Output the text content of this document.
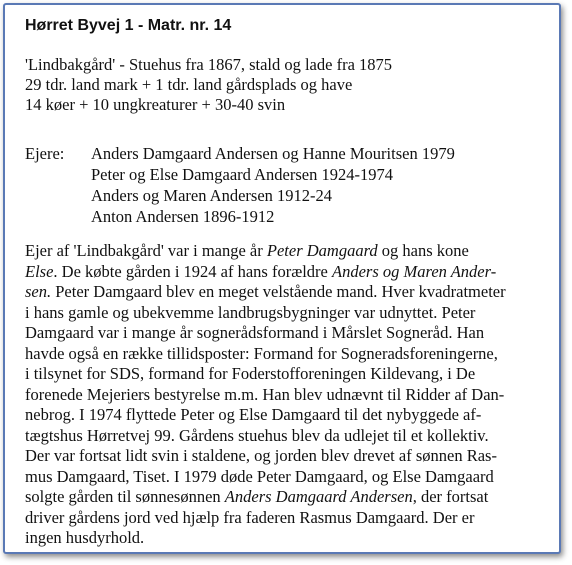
Hørret Byvej 1 - Matr. nr. 14
'Lindbakgård' - Stuehus fra 1867, stald og lade fra 1875
29 tdr. land mark + 1 tdr. land gårdsplads og have
14 køer + 10 ungkreaturer + 30-40 svin
Ejere: Anders Damgaard Andersen og Hanne Mouritsen 1979
Peter og Else Damgaard Andersen 1924-1974
Anders og Maren Andersen 1912-24
Anton Andersen 1896-1912
Ejer af 'Lindbakgård' var i mange år Peter Damgaard og hans kone
Else. De købte gården i 1924 af hans forældre Anders og Maren Ander-
sen. Peter Damgaard blev en meget velstående mand. Hver kvadratmeter
i hans gamle og ubekvemme landbrugsbygninger var udnyttet. Peter
Damgaard var i mange år sognerådsformand i Mårslet Sogneråd. Han
havde også en række tillidsposter: Formand for Sogneradsforeningerne,
i tilsynet for SDS, formand for Foderstofforeningen Kildevang, i De
forenede Mejeriers bestyrelse m.m. Han blev udnævnt til Ridder af Dan-
nebrog. I 1974 flyttede Peter og Else Damgaard til det nybyggede af-
tægtshus Hørretvej 99. Gårdens stuehus blev da udlejet til et kollektiv.
Der var fortsat lidt svin i staldene, og jorden blev drevet af sønnen Ras-
mus Damgaard, Tiset. I 1979 døde Peter Damgaard, og Else Damgaard
solgte gården til sønnesønnen Anders Damgaard Andersen, der fortsat
driver gårdens jord ved hjælp fra faderen Rasmus Damgaard. Der er
ingen husdyrhold.
